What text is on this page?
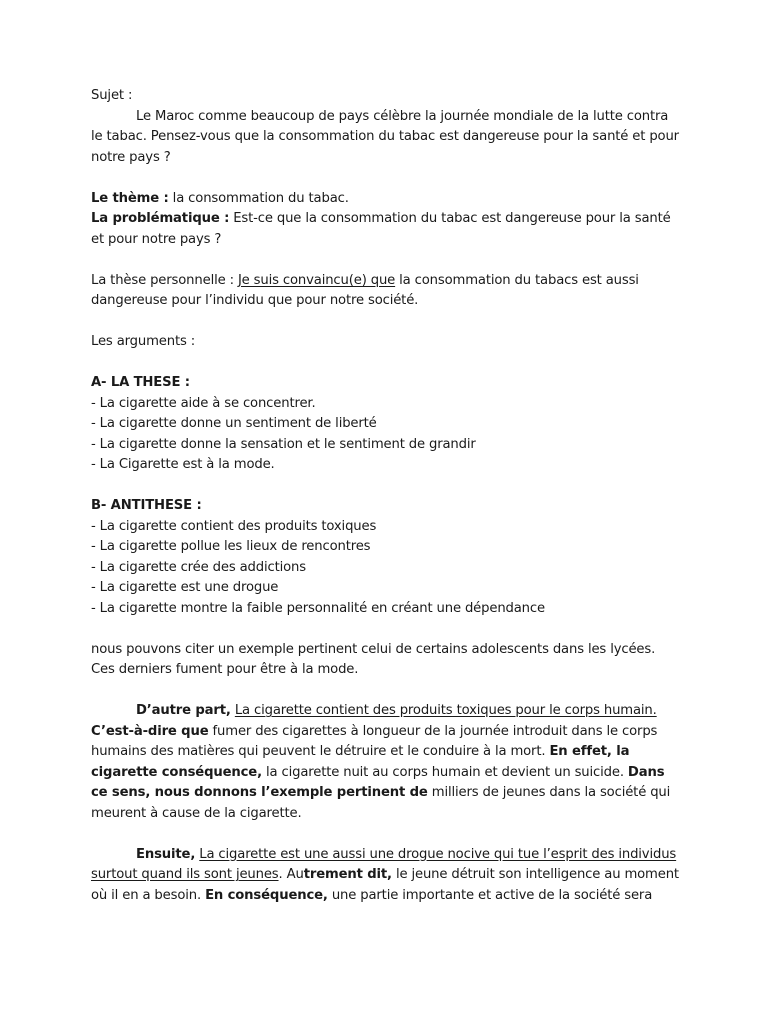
Sujet :

Le Maroc comme beaucoup de pays célèbre la journée mondiale de la lutte contra le tabac. Pensez-vous que la consommation du tabac est dangereuse pour la santé et pour notre pays ?

Le thème : la consommation du tabac.

La problématique : Est-ce que la consommation du tabac est dangereuse pour la santé et pour notre pays ?

La thèse personnelle : Je suis convaincu(e) que la consommation du tabacs est aussi dangereuse pour l’individu que pour notre société.

Les arguments :

A- LA THESE :

- La cigarette aide à se concentrer.

- La cigarette donne un sentiment de liberté

- La cigarette donne la sensation et le sentiment de grandir

- La Cigarette est à la mode.

B- ANTITHESE :

- La cigarette contient des produits toxiques

- La cigarette pollue les lieux de rencontres

- La cigarette crée des addictions

- La cigarette est une drogue

- La cigarette montre la faible personnalité en créant une dépendance

nous pouvons citer un exemple pertinent celui de certains adolescents dans les lycées. Ces derniers fument pour être à la mode.

D’autre part, La cigarette contient des produits toxiques pour le corps humain. C’est-à-dire que fumer des cigarettes à longueur de la journée introduit dans le corps humains des matières qui peuvent le détruire et le conduire à la mort. En effet, la cigarette conséquence, la cigarette nuit au corps humain et devient un suicide. Dans ce sens, nous donnons l’exemple pertinent de milliers de jeunes dans la société qui meurent à cause de la cigarette.

Ensuite, La cigarette est une aussi une drogue nocive qui tue l’esprit des individus surtout quand ils sont jeunes. Autrement dit, le jeune détruit son intelligence au moment où il en a besoin. En conséquence, une partie importante et active de la société sera
